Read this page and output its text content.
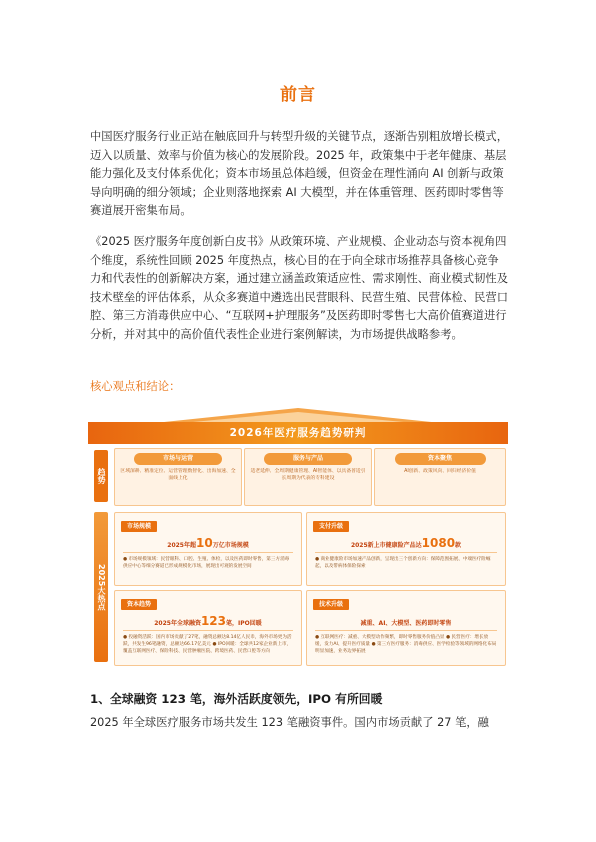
前言
中国医疗服务行业正站在触底回升与转型升级的关键节点，逐渐告别粗放增长模式，迈入以质量、效率与价值为核心的发展阶段。2025 年，政策集中于老年健康、基层能力强化及支付体系优化；资本市场虽总体趋缓，但资金在理性涌向 AI 创新与政策导向明确的细分领域；企业则落地探索 AI 大模型，并在体重管理、医药即时零售等赛道展开密集布局。
《2025 医疗服务年度创新白皮书》从政策环境、产业规模、企业动态与资本视角四个维度，系统性回顾 2025 年度热点，核心目的在于向全球市场推荐具备核心竞争力和代表性的创新解决方案，通过建立涵盖政策适应性、需求刚性、商业模式韧性及技术壁垒的评估体系，从众多赛道中遴选出民营眼科、民营生殖、民营体检、民营口腔、第三方消毒供应中心、“互联网+护理服务”及医药即时零售七大高价值赛道进行分析，并对其中的高价值代表性企业进行案例解读，为市场提供战略参考。
核心观点和结论：
2026年医疗服务趋势研判
趋势
市场与运营
区域深耕、精准定位、运营管理数智化、出海加速、全面线上化
服务与产品
适老延伸、全周期健康管理、AI智能体、以具备普适引长周期为代表的专科建设
资本聚焦
AI创新、政策风向、回归经济价值
2025大热点
市场规模
2025年超10万亿市场规模
● 市场规模领域：民营眼科、口腔、生殖、体检，以及医药即时零售，第三方消毒供应中心等细分赛道已形成规模化市场，展现出可观的发展空间
支付升级
2025新上市健康险产品达1080款
● 商业健康险市场加速产品创新，呈现出三个创新方向：保障范围拓展、中端医疗险崛起，以及带病体保险探索
资本趋势
2025年全球融资123笔，IPO回暖
● 投融资活跃：国内市场贡献了27笔，融资总额达8.14亿人民币，海外市场更为活跃，共发生96笔融资，总额达66.17亿美元 ● IPO回暖：全球共12家企业新上市，覆盖互联网医疗、保险科技、民营肿瘤医院、跨境医药、民营口腔等方向
技术升级
减重、AI、大模型、医药即时零售
● 互联网医疗：减重、大模型动作频繁，即时零售服务价值凸显 ● 民营医疗：增长放缓，发力AI、提升医疗质量 ● 第三方医疗服务：消毒供应、医学检验等领域的网络化布局明显加速，业务边界拓展
1、全球融资 123 笔，海外活跃度领先，IPO 有所回暖
2025 年全球医疗服务市场共发生 123 笔融资事件。国内市场贡献了 27 笔，融
